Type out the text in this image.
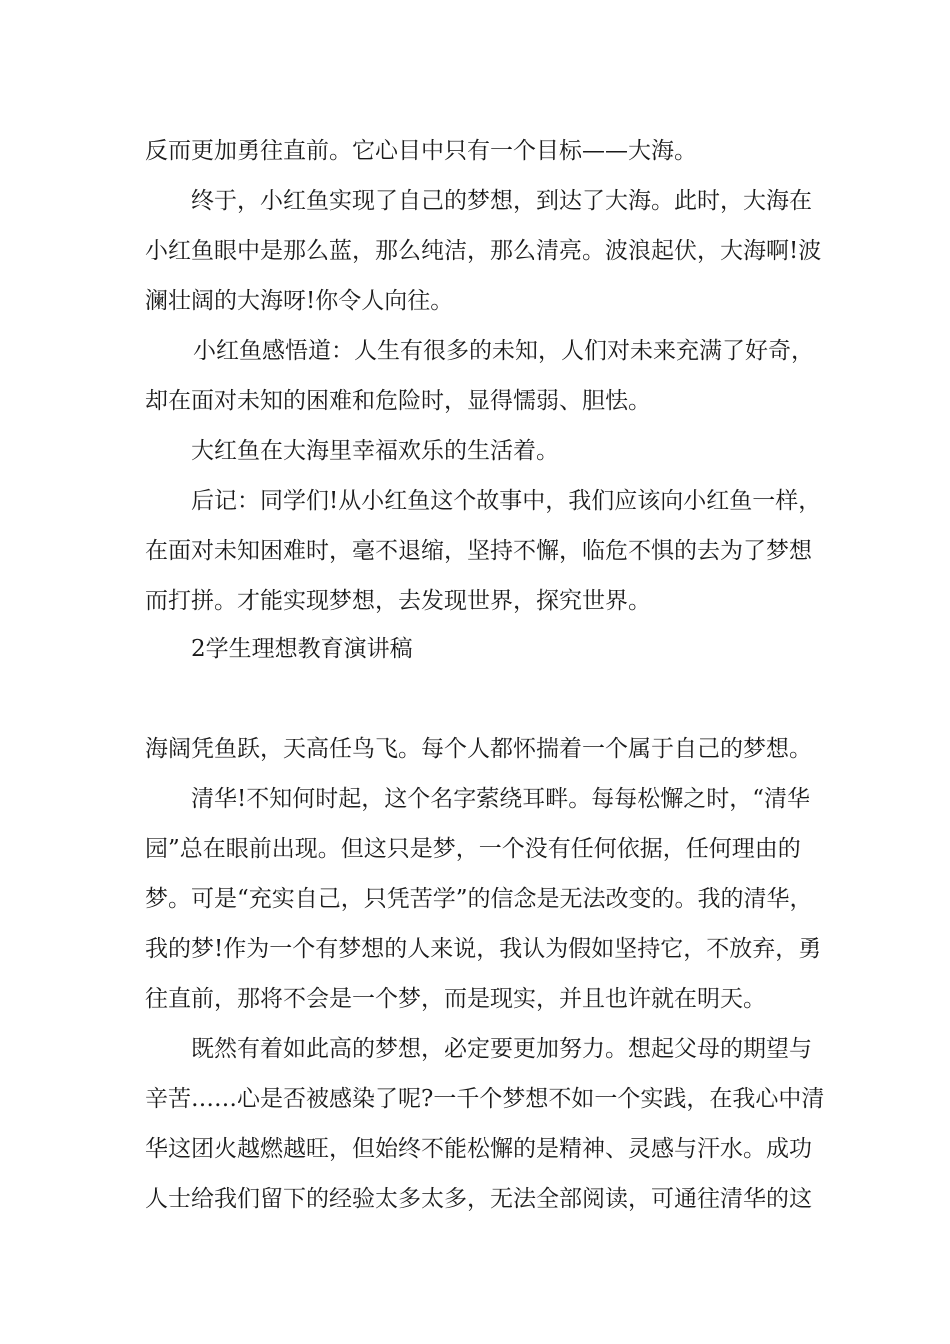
反而更加勇往直前。它心目中只有一个目标——大海。

终于，小红鱼实现了自己的梦想，到达了大海。此时，大海在

小红鱼眼中是那么蓝，那么纯洁，那么清亮。波浪起伏，大海啊!波

澜壮阔的大海呀!你令人向往。

小红鱼感悟道：人生有很多的未知，人们对未来充满了好奇，

却在面对未知的困难和危险时，显得懦弱、胆怯。

大红鱼在大海里幸福欢乐的生活着。

后记：同学们!从小红鱼这个故事中，我们应该向小红鱼一样，

在面对未知困难时，毫不退缩，坚持不懈，临危不惧的去为了梦想

而打拼。才能实现梦想，去发现世界，探究世界。

2学生理想教育演讲稿

海阔凭鱼跃，天高任鸟飞。每个人都怀揣着一个属于自己的梦想。

清华!不知何时起，这个名字萦绕耳畔。每每松懈之时，“清华

园”总在眼前出现。但这只是梦，一个没有任何依据，任何理由的

梦。可是“充实自己，只凭苦学”的信念是无法改变的。我的清华，

我的梦!作为一个有梦想的人来说，我认为假如坚持它，不放弃，勇

往直前，那将不会是一个梦，而是现实，并且也许就在明天。

既然有着如此高的梦想，必定要更加努力。想起父母的期望与

辛苦……心是否被感染了呢?一千个梦想不如一个实践，在我心中清

华这团火越燃越旺，但始终不能松懈的是精神、灵感与汗水。成功

人士给我们留下的经验太多太多，无法全部阅读，可通往清华的这
